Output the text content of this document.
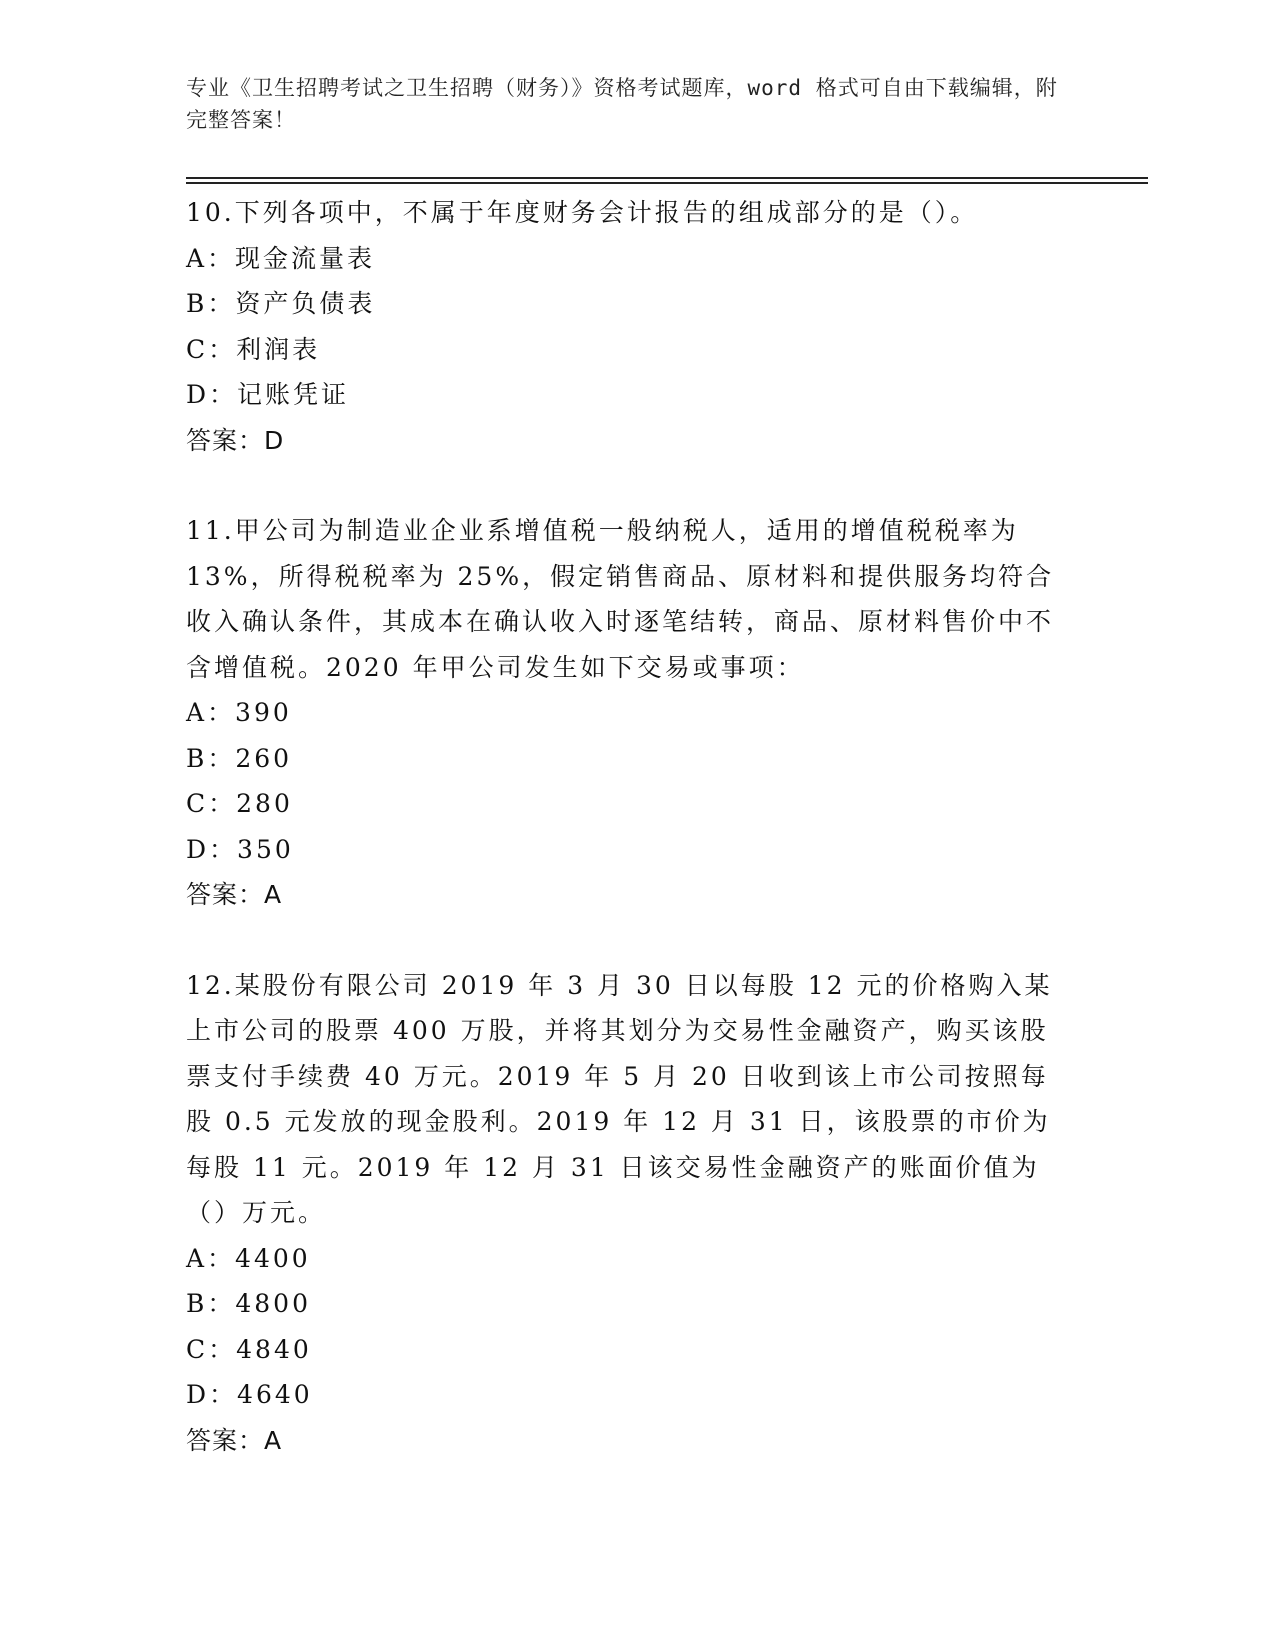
专业《卫生招聘考试之卫生招聘（财务）》资格考试题库，word 格式可自由下载编辑，附完整答案！

10.下列各项中，不属于年度财务会计报告的组成部分的是（）。

A：现金流量表

B：资产负债表

C：利润表

D：记账凭证

答案：D

11.甲公司为制造业企业系增值税一般纳税人，适用的增值税税率为 13%，所得税税率为 25%，假定销售商品、原材料和提供服务均符合收入确认条件，其成本在确认收入时逐笔结转，商品、原材料售价中不含增值税。2020 年甲公司发生如下交易或事项：

A：390

B：260

C：280

D：350

答案：A

12.某股份有限公司 2019 年 3 月 30 日以每股 12 元的价格购入某上市公司的股票 400 万股，并将其划分为交易性金融资产，购买该股票支付手续费 40 万元。2019 年 5 月 20 日收到该上市公司按照每股 0.5 元发放的现金股利。2019 年 12 月 31 日，该股票的市价为每股 11 元。2019 年 12 月 31 日该交易性金融资产的账面价值为（）万元。

A：4400

B：4800

C：4840

D：4640

答案：A
